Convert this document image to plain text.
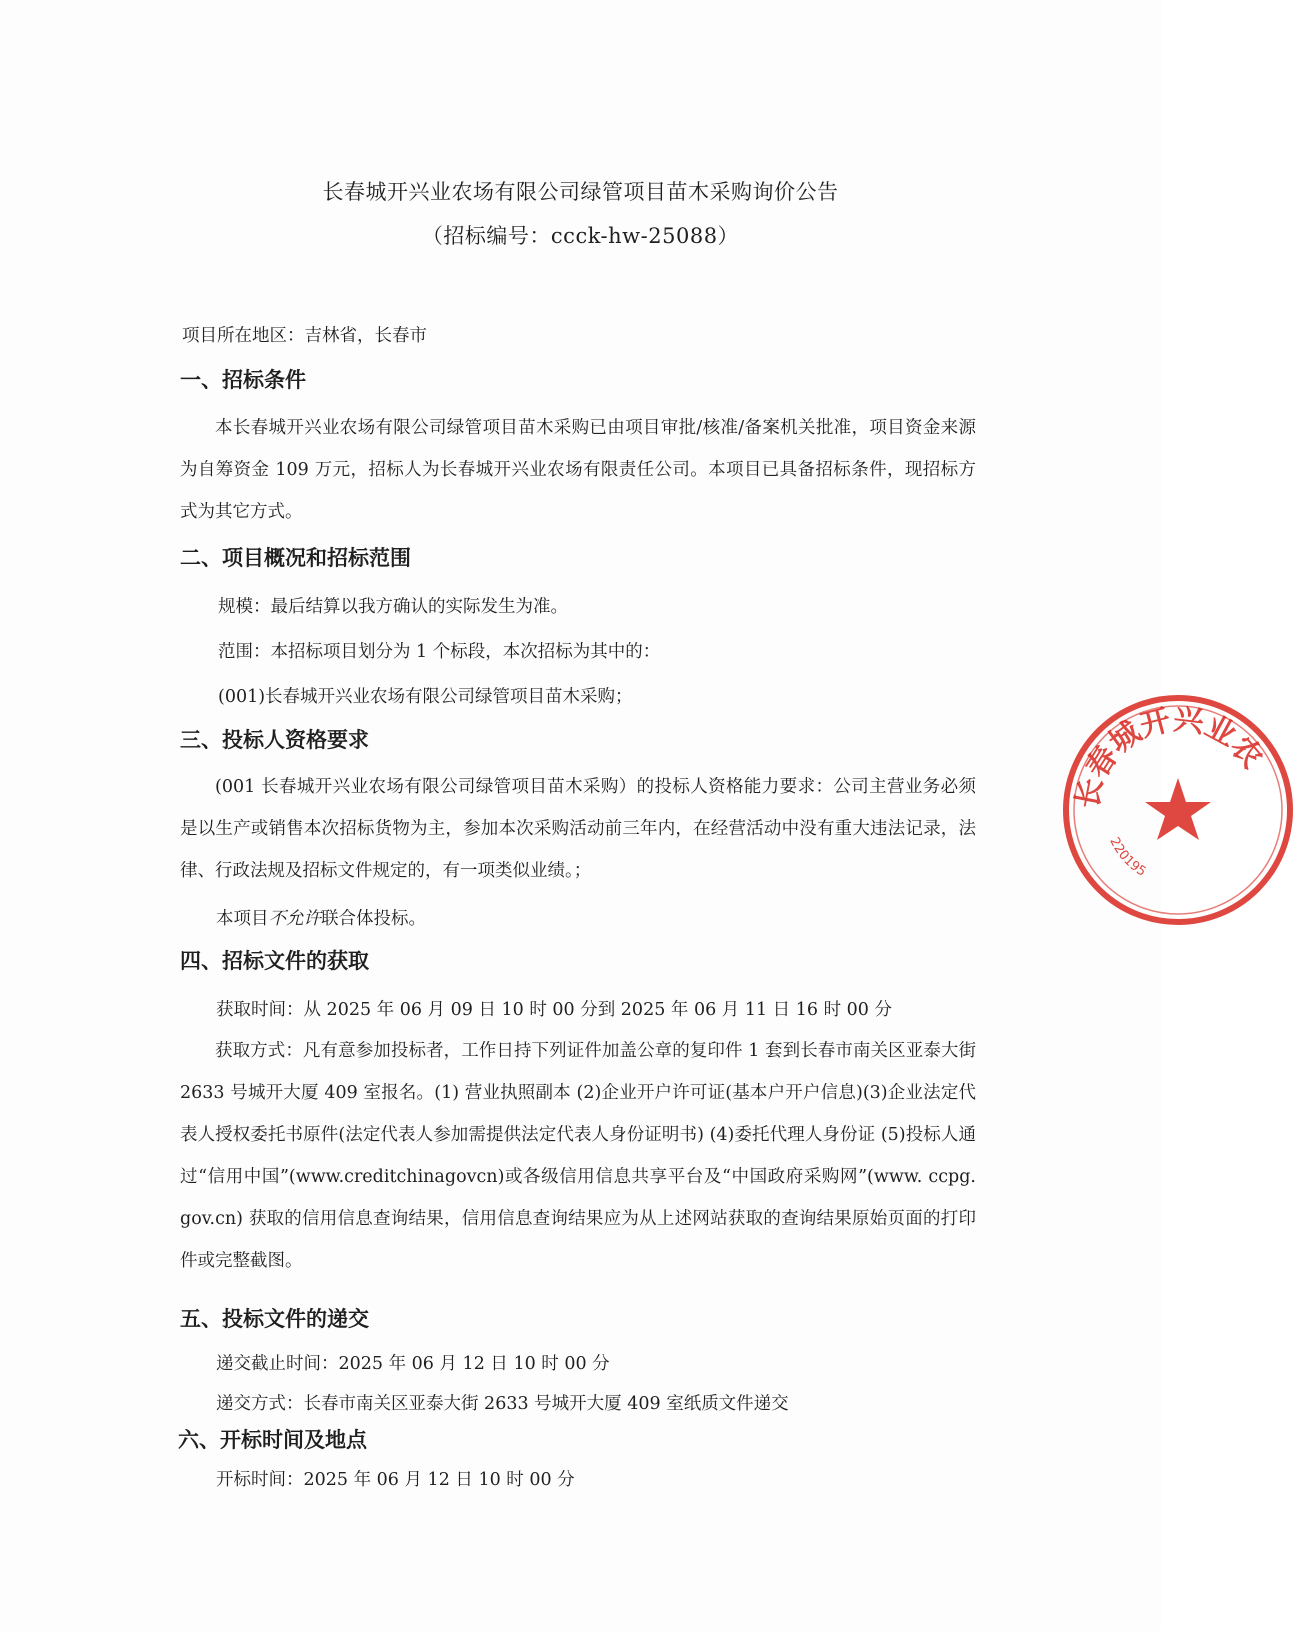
长春城开兴业农场有限公司绿管项目苗木采购询价公告
（招标编号：ccck-hw-25088）
项目所在地区：吉林省，长春市
一、招标条件
本长春城开兴业农场有限公司绿管项目苗木采购已由项目审批/核准/备案机关批准，项目资金来源为自筹资金 109 万元，招标人为长春城开兴业农场有限责任公司。本项目已具备招标条件，现招标方式为其它方式。
二、项目概况和招标范围
规模：最后结算以我方确认的实际发生为准。
范围：本招标项目划分为 1 个标段，本次招标为其中的：
(001)长春城开兴业农场有限公司绿管项目苗木采购；
三、投标人资格要求
(001 长春城开兴业农场有限公司绿管项目苗木采购）的投标人资格能力要求：公司主营业务必须是以生产或销售本次招标货物为主，参加本次采购活动前三年内，在经营活动中没有重大违法记录，法律、行政法规及招标文件规定的，有一项类似业绩。；
本项目不允许联合体投标。
四、招标文件的获取
获取时间：从 2025 年 06 月 09 日 10 时 00 分到 2025 年 06 月 11 日 16 时 00 分
获取方式：凡有意参加投标者，工作日持下列证件加盖公章的复印件 1 套到长春市南关区亚泰大街 2633 号城开大厦 409 室报名。(1) 营业执照副本 (2)企业开户许可证(基本户开户信息)(3)企业法定代表人授权委托书原件(法定代表人参加需提供法定代表人身份证明书) (4)委托代理人身份证 (5)投标人通过“信用中国”(www.creditchinagovcn)或各级信用信息共享平台及“中国政府采购网”(www. ccpg. gov.cn) 获取的信用信息查询结果，信用信息查询结果应为从上述网站获取的查询结果原始页面的打印件或完整截图。
五、投标文件的递交
递交截止时间：2025 年 06 月 12 日 10 时 00 分
递交方式：长春市南关区亚泰大街 2633 号城开大厦 409 室纸质文件递交
六、开标时间及地点
开标时间：2025 年 06 月 12 日 10 时 00 分
长春城开兴业农
220195
